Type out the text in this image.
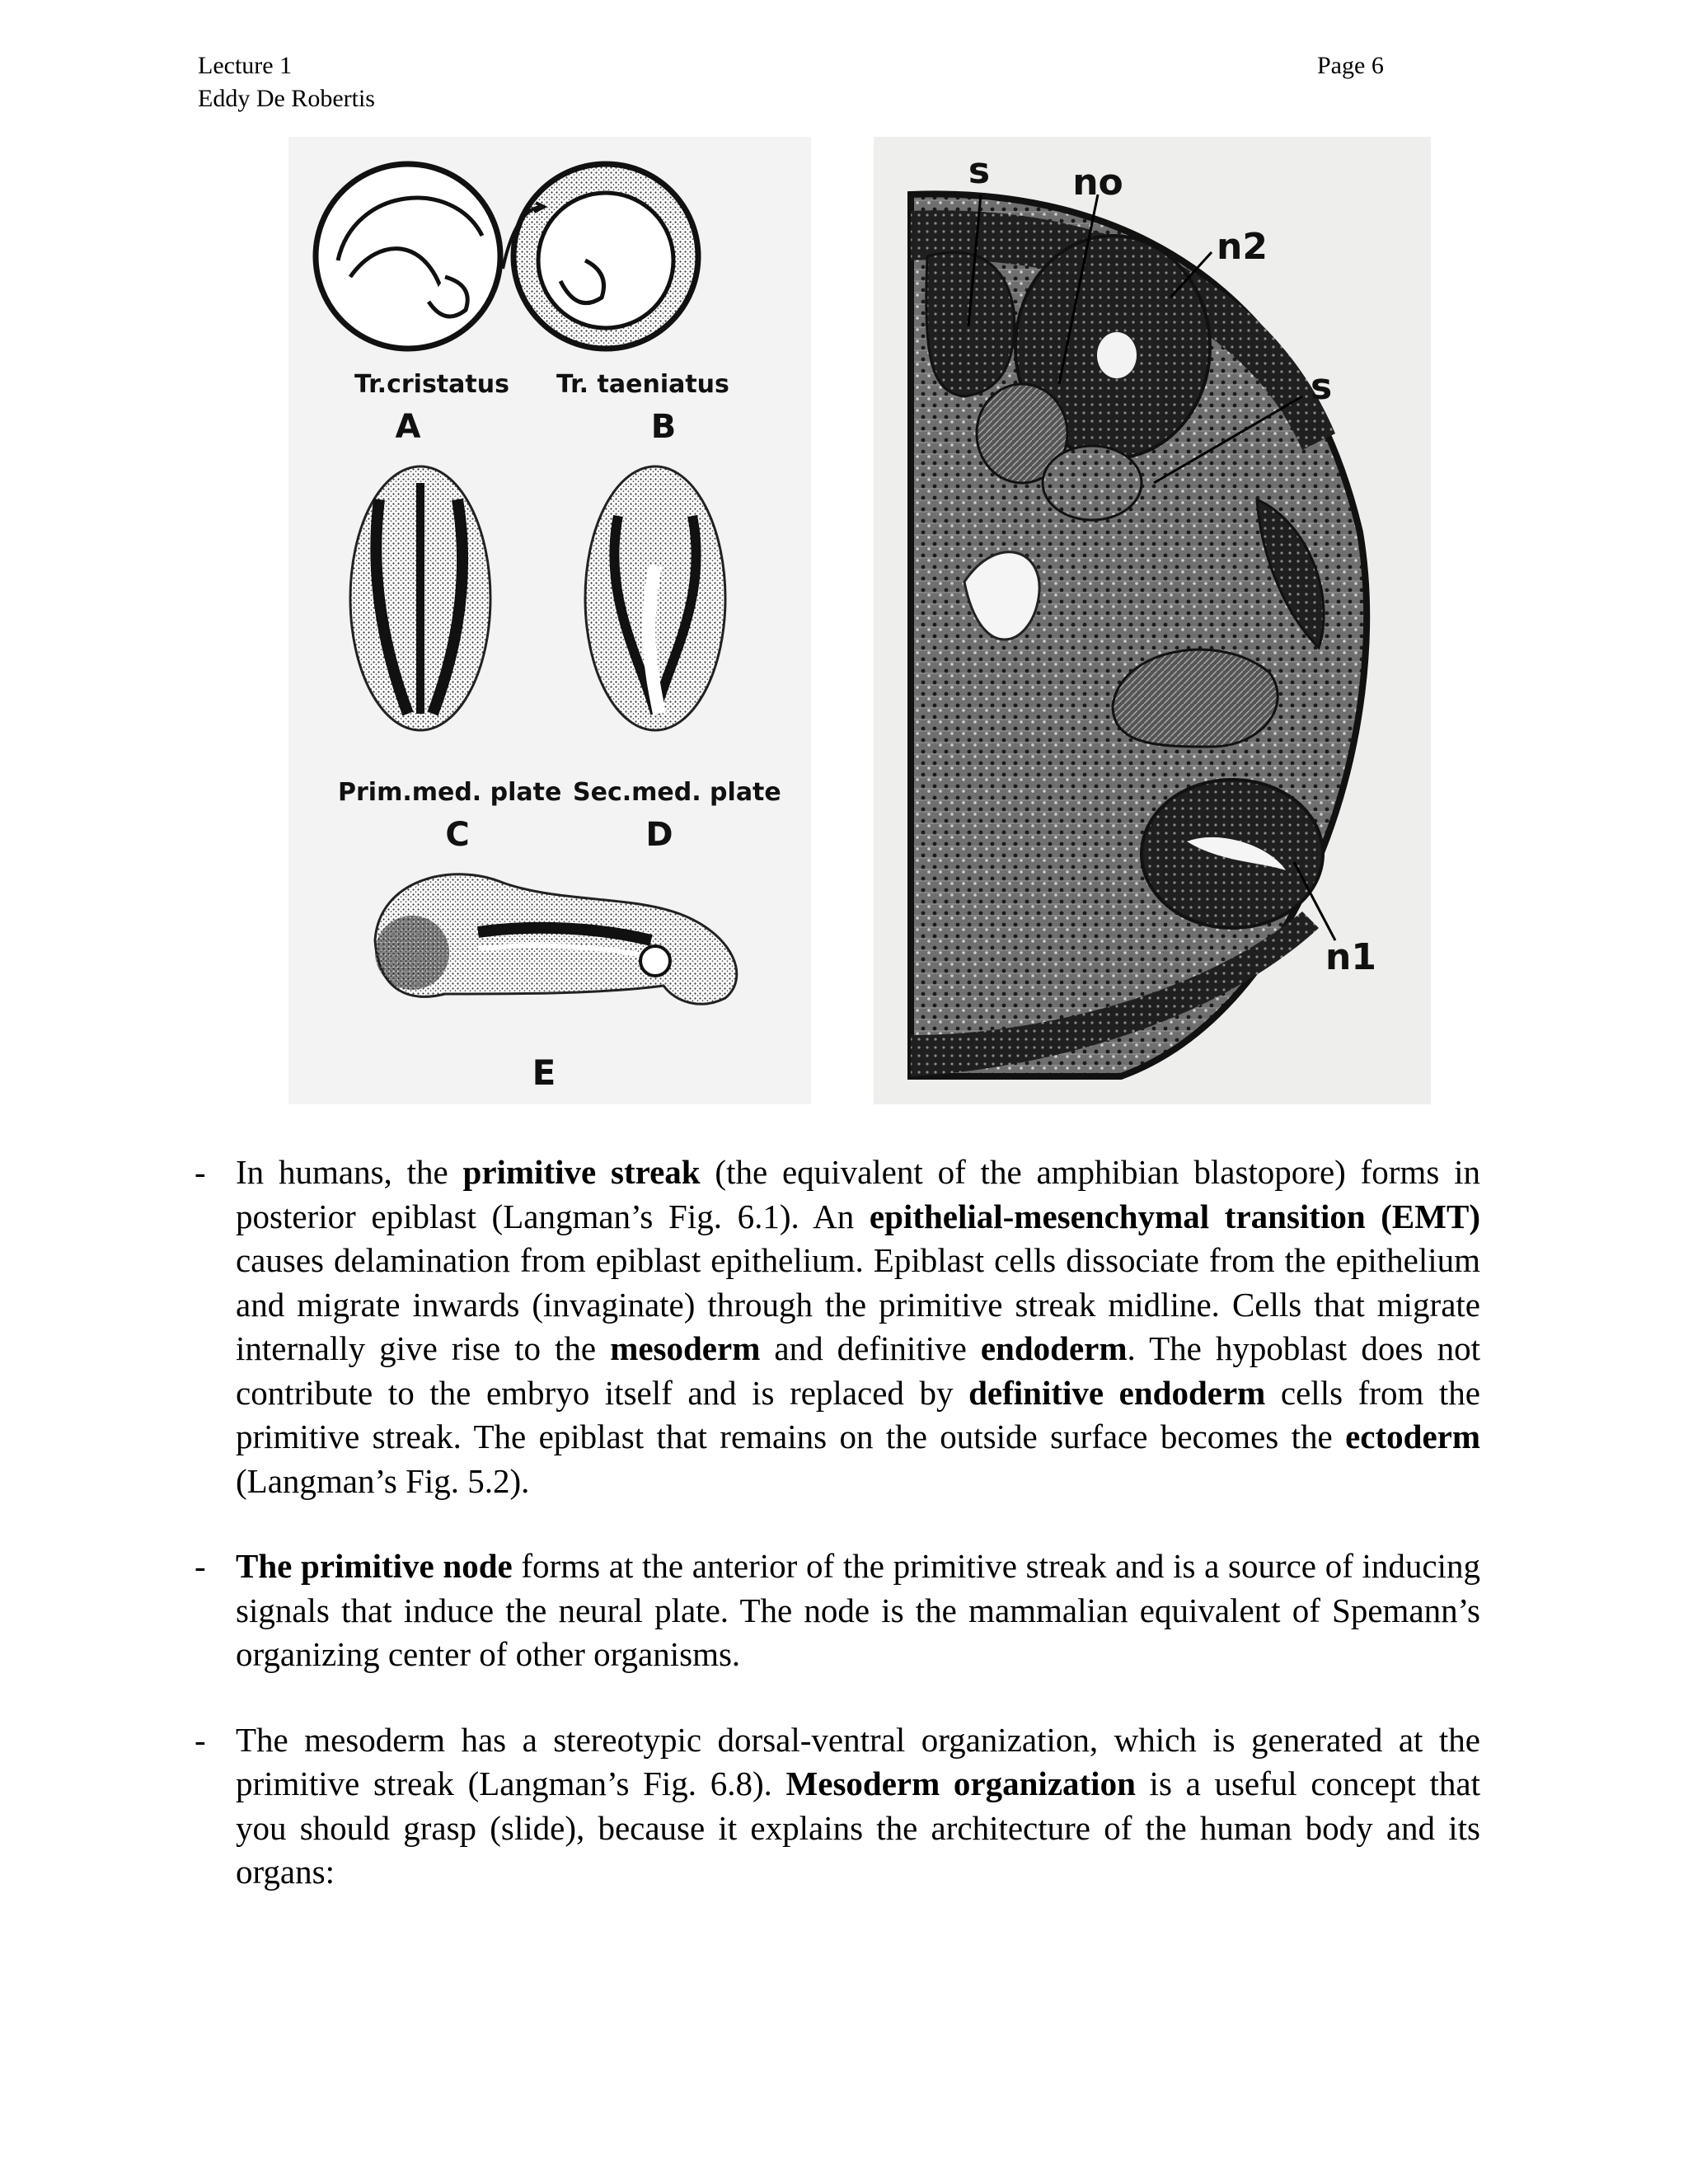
Lecture 1
Eddy De Robertis
Page 6
Tr.cristatus Tr. taeniatus
A	B
Prim.med. plate Sec.med. plate
C	D
E
s no
n2
s
n1
- In humans, the primitive streak (the equivalent of the amphibian blastopore) forms in posterior epiblast (Langman’s Fig. 6.1). An epithelial-mesenchymal transition (EMT) causes delamination from epiblast epithelium. Epiblast cells dissociate from the epithelium and migrate inwards (invaginate) through the primitive streak midline. Cells that migrate internally give rise to the mesoderm and definitive endoderm. The hypoblast does not contribute to the embryo itself and is replaced by definitive endoderm cells from the primitive streak. The epiblast that remains on the outside surface becomes the ectoderm (Langman’s Fig. 5.2).
- The primitive node forms at the anterior of the primitive streak and is a source of inducing signals that induce the neural plate. The node is the mammalian equivalent of Spemann’s organizing center of other organisms.
- The mesoderm has a stereotypic dorsal-ventral organization, which is generated at the primitive streak (Langman’s Fig. 6.8). Mesoderm organization is a useful concept that you should grasp (slide), because it explains the architecture of the human body and its organs:
